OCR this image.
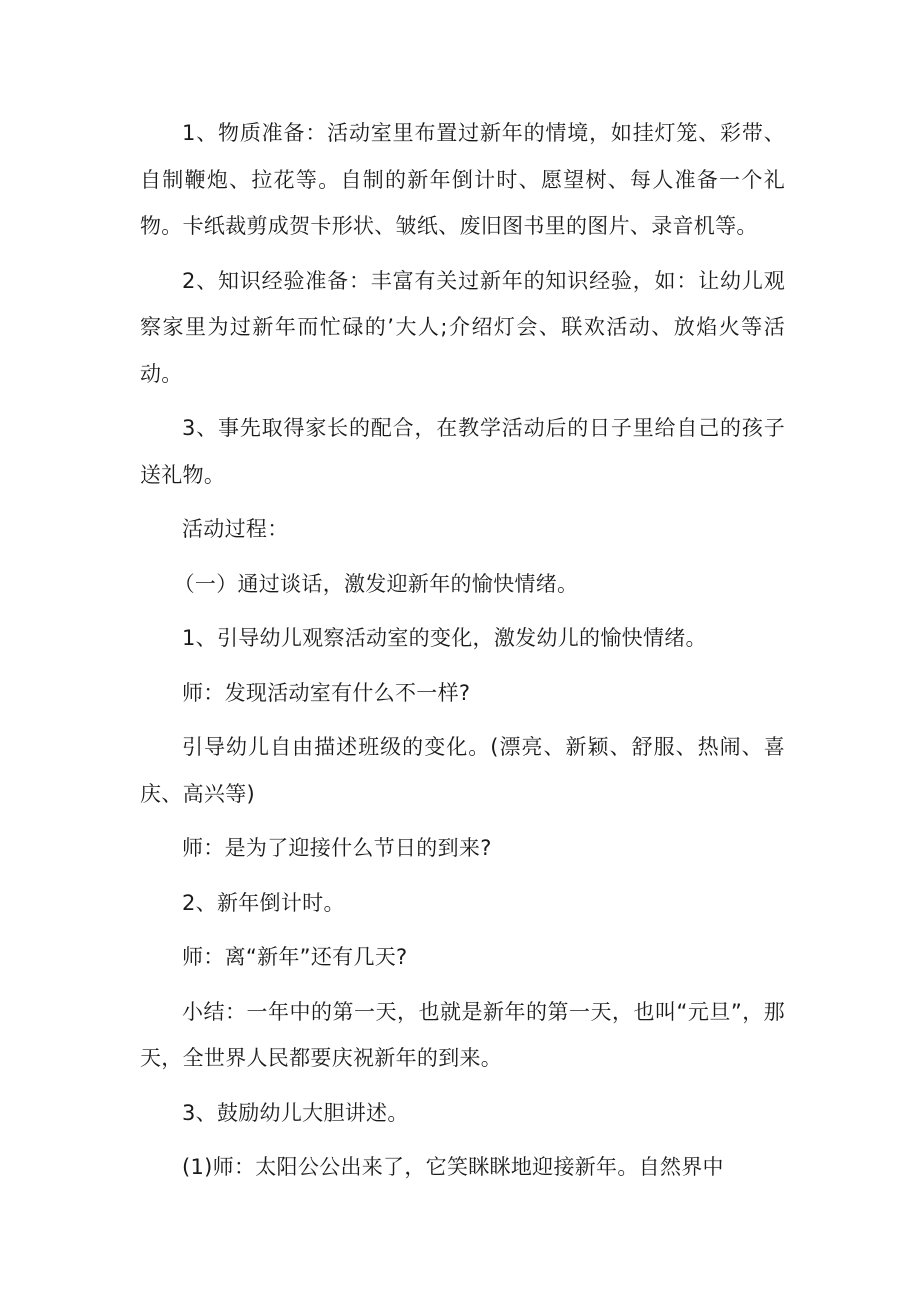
1、物质准备：活动室里布置过新年的情境，如挂灯笼、彩带、自制鞭炮、拉花等。自制的新年倒计时、愿望树、每人准备一个礼物。卡纸裁剪成贺卡形状、皱纸、废旧图书里的图片、录音机等。

2、知识经验准备：丰富有关过新年的知识经验，如：让幼儿观察家里为过新年而忙碌的’大人;介绍灯会、联欢活动、放焰火等活动。

3、事先取得家长的配合，在教学活动后的日子里给自己的孩子送礼物。

活动过程：

（一）通过谈话，激发迎新年的愉快情绪。

1、引导幼儿观察活动室的变化，激发幼儿的愉快情绪。

师：发现活动室有什么不一样?

引导幼儿自由描述班级的变化。(漂亮、新颖、舒服、热闹、喜庆、高兴等)

师：是为了迎接什么节日的到来?

2、新年倒计时。

师：离“新年”还有几天?

小结：一年中的第一天，也就是新年的第一天，也叫“元旦”，那天，全世界人民都要庆祝新年的到来。

3、鼓励幼儿大胆讲述。

(1)师：太阳公公出来了，它笑眯眯地迎接新年。自然界中
